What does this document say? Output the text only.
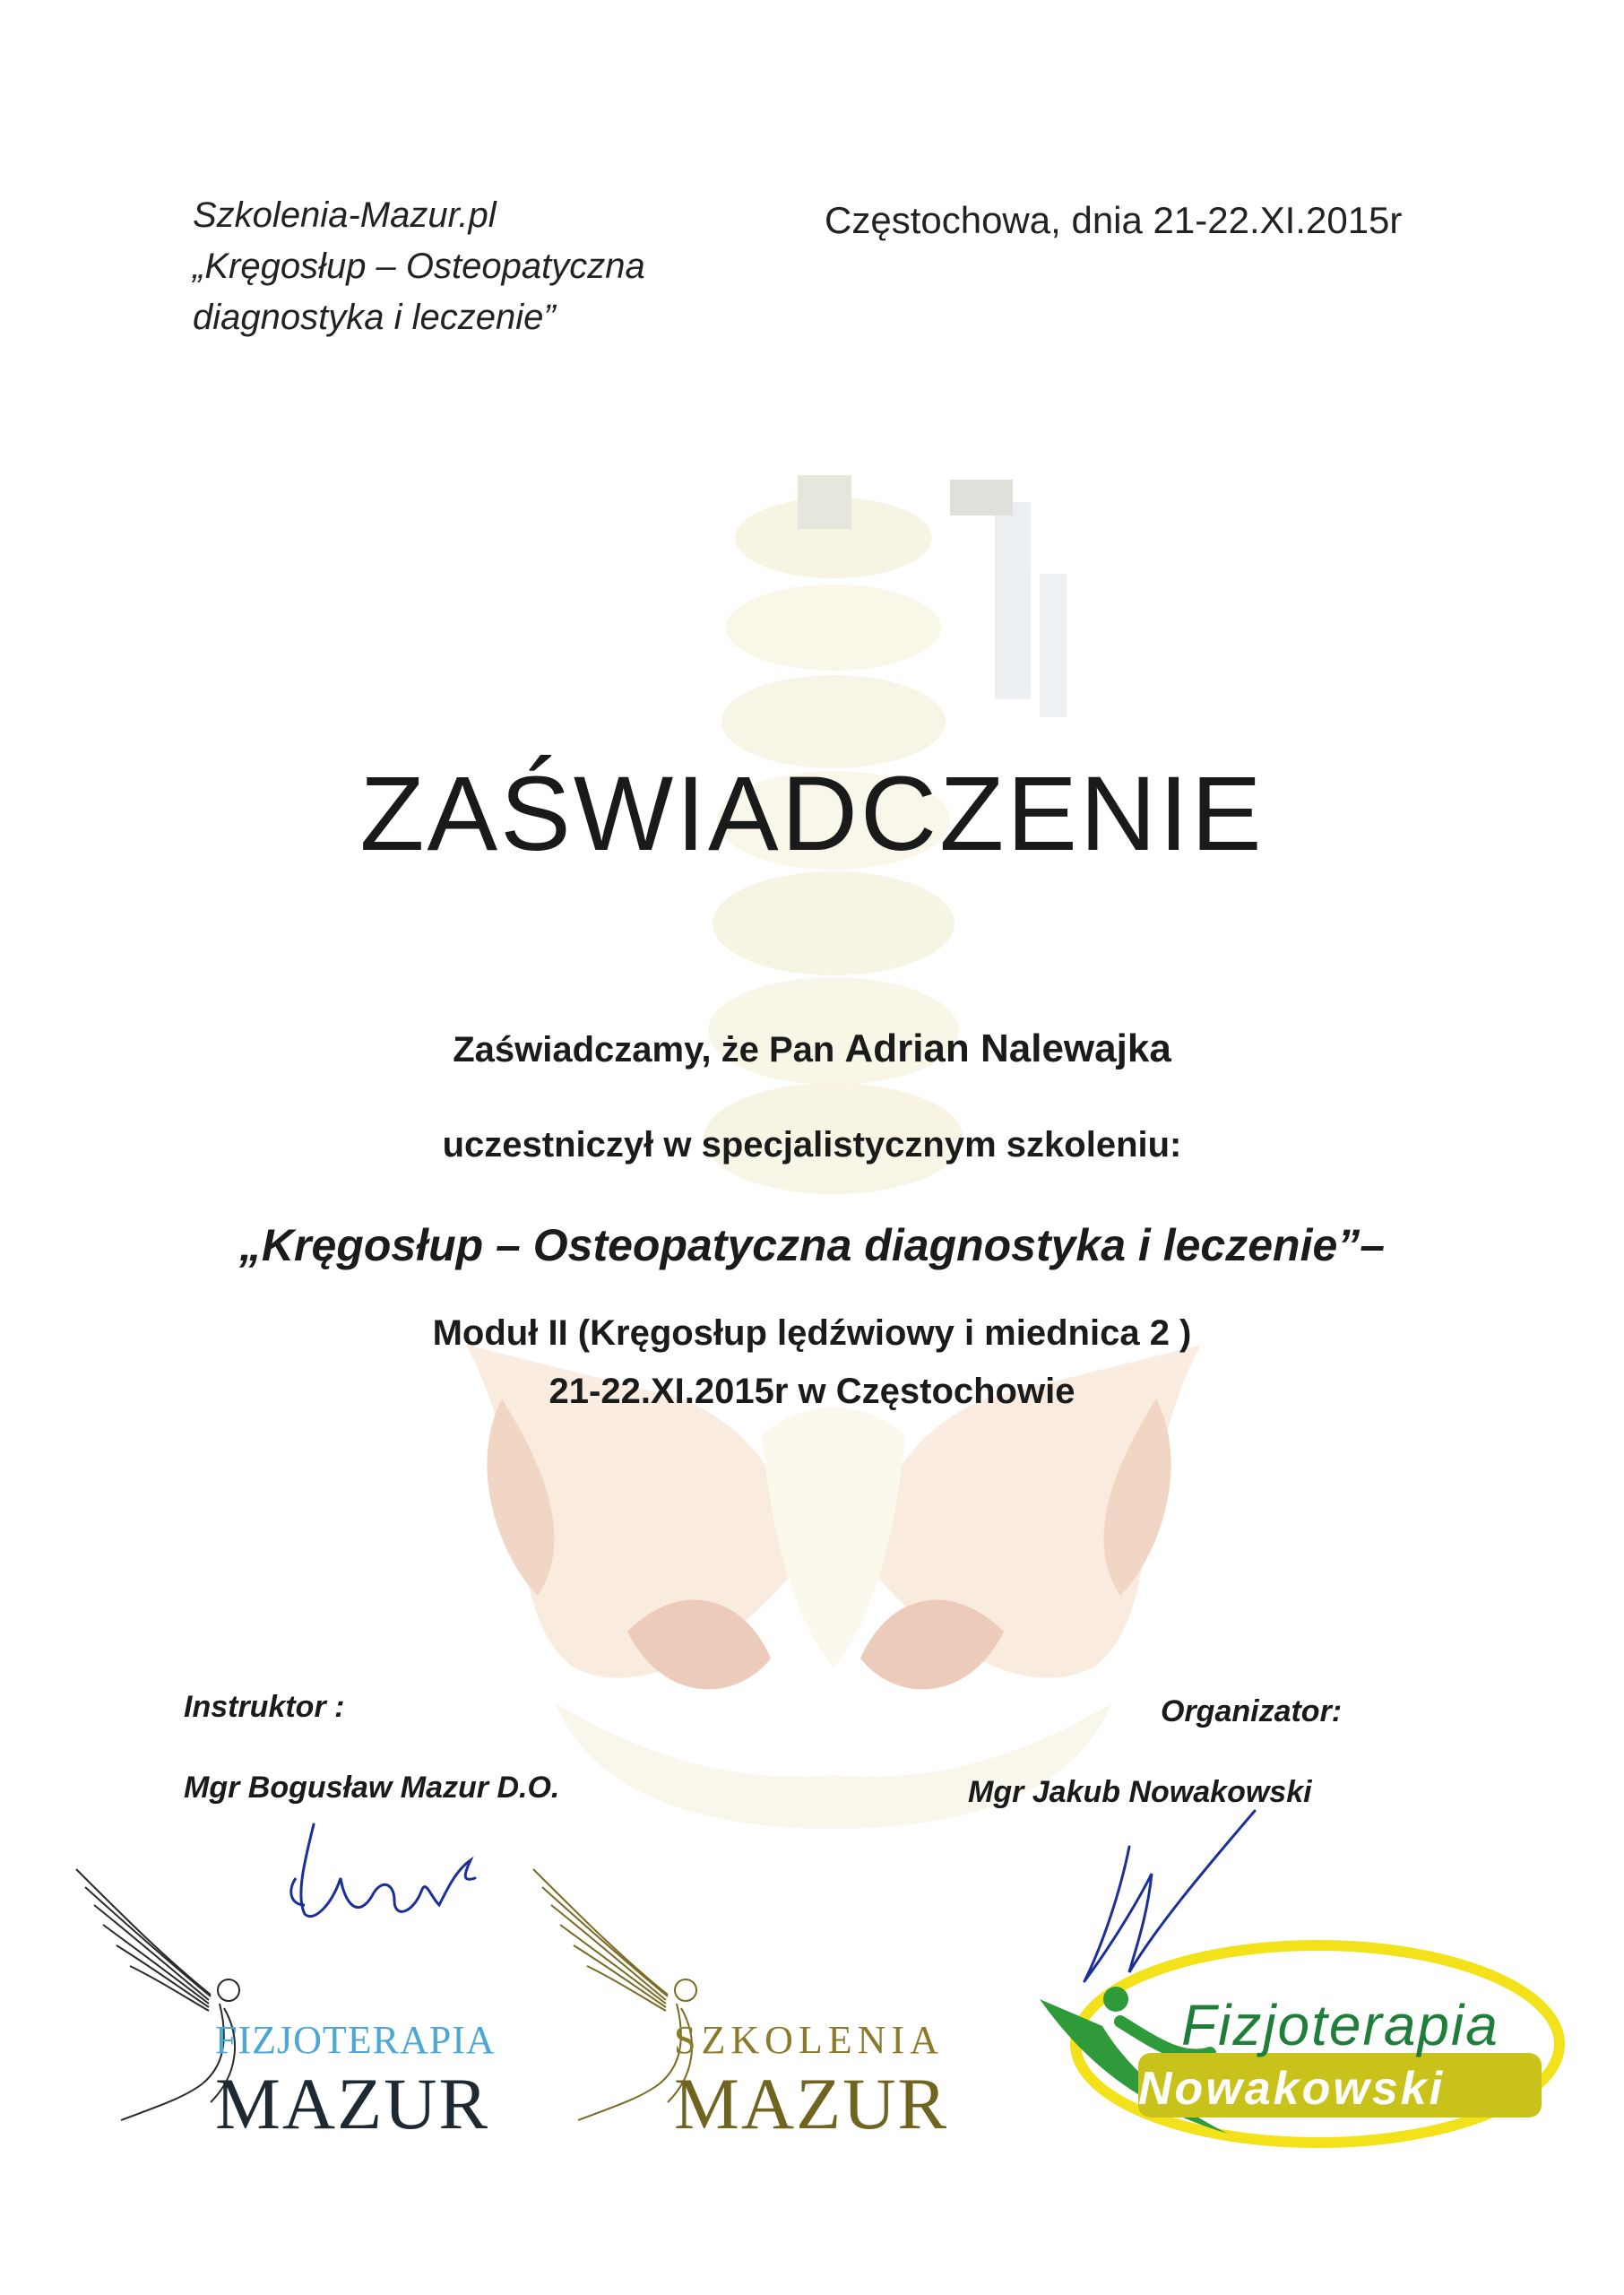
Szkolenia-Mazur.pl
„Kręgosłup – Osteopatyczna
diagnostyka i leczenie”
Częstochowa, dnia 21-22.XI.2015r
ZAŚWIADCZENIE
Zaświadczamy, że Pan Adrian Nalewajka
uczestniczył w specjalistycznym szkoleniu:
„Kręgosłup – Osteopatyczna diagnostyka i leczenie”–
Moduł II (Kręgosłup lędźwiowy i miednica 2 )
21-22.XI.2015r w Częstochowie
Instruktor :
Mgr Bogusław Mazur D.O.
Organizator:
Mgr Jakub Nowakowski
FIZJOTERAPIA
MAZUR
SZKOLENIA
MAZUR
Fizjoterapia
Nowakowski
